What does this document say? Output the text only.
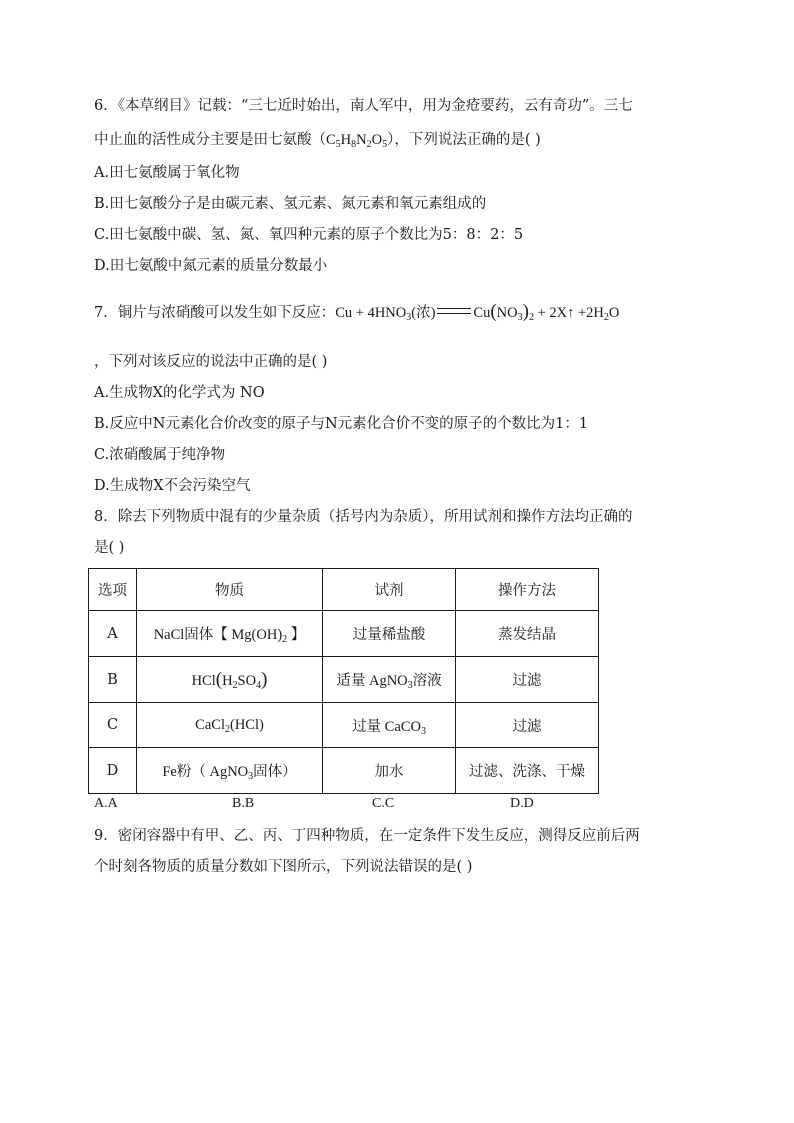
6．《本草纲目》记载：“三七近时始出，南人军中，用为金疮要药，云有奇功”。三七
中止血的活性成分主要是田七氨酸$(C_5H_8N_2O_5)$，下列说法正确的是( )
A.田七氨酸属于氧化物
B.田七氨酸分子是由碳元素、氢元素、氮元素和氧元素组成的
C.田七氨酸中碳、氢、氮、氧四种元素的原子个数比为5：8：2：5
D.田七氨酸中氮元素的质量分数最小
7．铜片与浓硝酸可以发生如下反应：$Cu + 4HNO_3$(浓)	$Cu(NO_3)_2$ + 2X↑ $+2H_2O$
，下列对该反应的说法中正确的是( )
A.生成物X的化学式为 NO
B.反应中N元素化合价改变的原子与N元素化合价不变的原子的个数比为1：1
C.浓硝酸属于纯净物
D.生成物X不会污染空气
8．除去下列物质中混有的少量杂质（括号内为杂质），所用试剂和操作方法均正确的
是( )
选项	物质	试剂	操作方法
A	NaCl固体【 $Mg(OH)_2$ 】	过量稀盐酸	蒸发结晶
B	$HCl(H_2SO_4)$	适量 AgNO$_3$溶液	过滤
C	CaCl$_2$(HCl)	过量 CaCO$_3$	过滤
D	Fe粉（ AgNO$_3$固体）	加水	过滤、洗涤、干燥
A.A	B.B	C.C	D.D
9．密闭容器中有甲、乙、丙、丁四种物质，在一定条件下发生反应，测得反应前后两
个时刻各物质的质量分数如下图所示，下列说法错误的是( )
